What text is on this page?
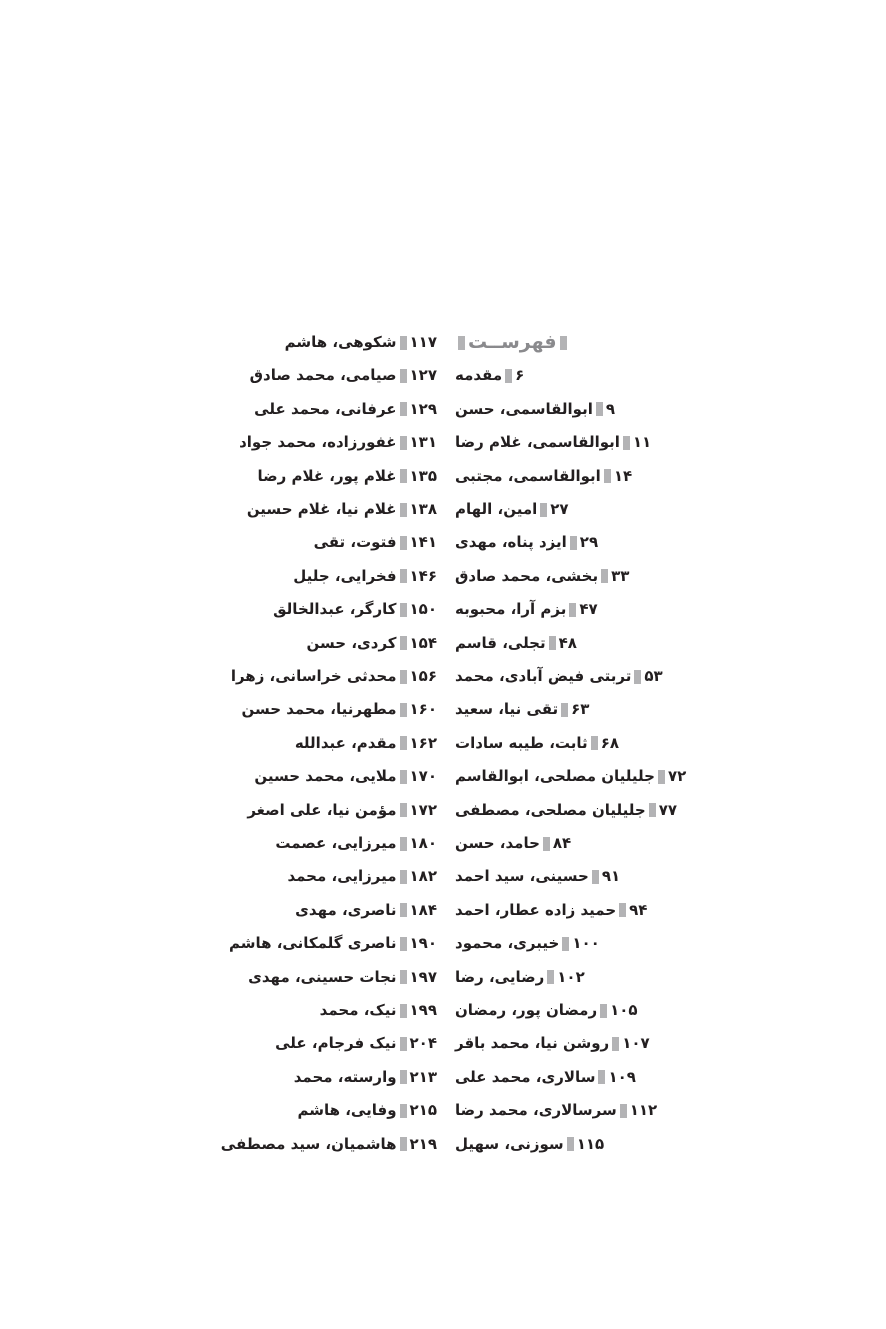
فهرســت
۶مقدمه
۱۲۷صیامی، محمد صادق
۹ابوالقاسمی، حسن
۱۲۹عرفانی، محمد علی
۱۱ابوالقاسمی، غلام رضا
۱۳۱غفورزاده، محمد جواد
۱۴ابوالقاسمی، مجتبی
۱۳۵غلام پور، غلام رضا
۲۷امین، الهام
۱۳۸غلام نیا، غلام حسین
۲۹ایزد پناه، مهدی
۱۴۱فتوت، تقی
۳۳بخشی، محمد صادق
۱۴۶فخرایی، جلیل
۴۷بزم آرا، محبوبه
۱۵۰کارگر، عبدالخالق
۴۸تجلی، قاسم
۱۵۴کردی، حسن
۵۳تربتی فیض آبادی، محمد
۱۵۶محدثی خراسانی، زهرا
۶۳تقی نیا، سعید
۱۶۰مطهرنیا، محمد حسن
۶۸ثابت، طیبه سادات
۱۶۲مقدم، عبدالله
۷۲جلیلیان مصلحی، ابوالقاسم
۱۷۰ملایی، محمد حسین
۷۷جلیلیان مصلحی، مصطفی
۱۷۲مؤمن نیا، علی اصغر
۸۴حامد، حسن
۱۸۰میرزایی، عصمت
۹۱حسینی، سید احمد
۱۸۲میرزایی، محمد
۹۴حمید زاده عطار، احمد
۱۸۴ناصری، مهدی
۱۰۰خیبری، محمود
۱۹۰ناصری گلمکانی، هاشم
۱۰۲رضایی، رضا
۱۹۷نجات حسینی، مهدی
۱۰۵رمضان پور، رمضان
۱۹۹نیک، محمد
۱۰۷روشن نیا، محمد باقر
۲۰۴نیک فرجام، علی
۱۰۹سالاری، محمد علی
۲۱۳وارسته، محمد
۱۱۲سرسالاری، محمد رضا
۲۱۵وفایی، هاشم
۱۱۵سوزنی، سهیل
۲۱۹هاشمیان، سید مصطفی
۱۱۷شکوهی، هاشم
